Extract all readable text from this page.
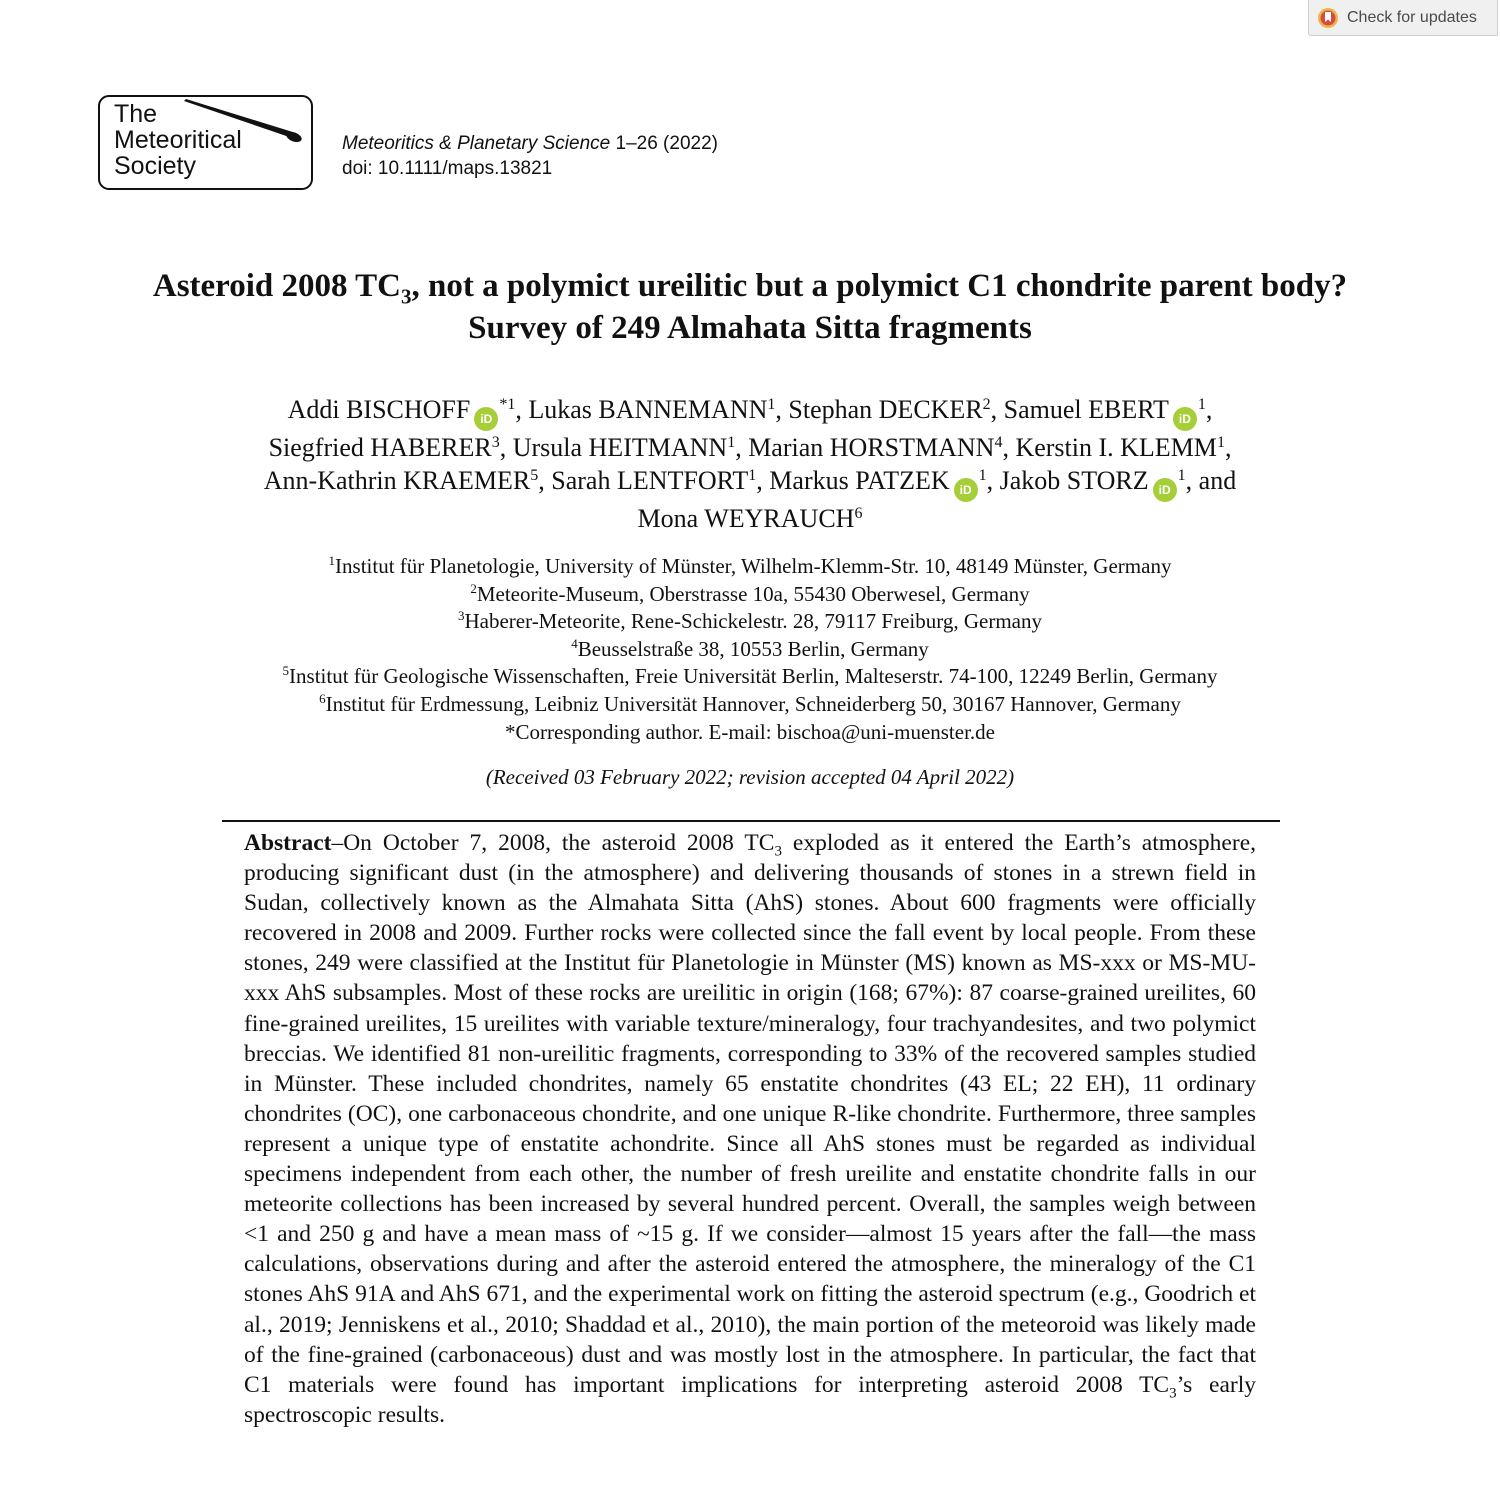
Check for updates
The
Meteoritical
Society
Meteoritics & Planetary Science 1–26 (2022)
doi: 10.1111/maps.13821
Asteroid 2008 $TC_3$, not a polymict ureilitic but a polymict C1 chondrite parent body?
Survey of 249 Almahata Sitta fragments
Addi BISCHOFF $iD^{*1}$, Lukas BANNEMANN$^1$, Stephan DECKER$^2$, Samuel EBERT $iD^1$,
Siegfried HABERER$^3$, Ursula HEITMANN$^1$, Marian HORSTMANN$^4$, Kerstin I. KLEMM$^1$,
Ann-Kathrin KRAEMER$^5$, Sarah LENTFORT$^1$, Markus PATZEK $iD^1$, Jakob STORZ $iD^1$, and
Mona WEYRAUCH$^6$
$^1$Institut für Planetologie, University of Münster, Wilhelm-Klemm-Str. 10, 48149 Münster, Germany
$^2$Meteorite-Museum, Oberstrasse 10a, 55430 Oberwesel, Germany
$^3$Haberer-Meteorite, Rene-Schickelestr. 28, 79117 Freiburg, Germany
$^4$Beusselstraße 38, 10553 Berlin, Germany
$^5$Institut für Geologische Wissenschaften, Freie Universität Berlin, Malteserstr. 74-100, 12249 Berlin, Germany
$^6$Institut für Erdmessung, Leibniz Universität Hannover, Schneiderberg 50, 30167 Hannover, Germany
*Corresponding author. E-mail: bischoa@uni-muenster.de
(Received 03 February 2022; revision accepted 04 April 2022)

Abstract–On October 7, 2008, the asteroid 2008 $TC_3$ exploded as it entered the Earth’s atmosphere, producing significant dust (in the atmosphere) and delivering thousands of stones in a strewn field in Sudan, collectively known as the Almahata Sitta (AhS) stones. About 600 fragments were officially recovered in 2008 and 2009. Further rocks were collected since the fall event by local people. From these stones, 249 were classified at the Institut für Planetologie in Münster (MS) known as MS-xxx or MS-MU-xxx AhS subsamples. Most of these rocks are ureilitic in origin (168; 67%): 87 coarse-grained ureilites, 60 fine-grained ureilites, 15 ureilites with variable texture/mineralogy, four trachyandesites, and two polymict breccias. We identified 81 non-ureilitic fragments, corresponding to 33% of the recovered samples studied in Münster. These included chondrites, namely 65 enstatite chondrites (43 EL; 22 EH), 11 ordinary chondrites (OC), one carbonaceous chondrite, and one unique R-like chondrite. Furthermore, three samples represent a unique type of enstatite achondrite. Since all AhS stones must be regarded as individual specimens independent from each other, the number of fresh ureilite and enstatite chondrite falls in our meteorite collections has been increased by several hundred percent. Overall, the samples weigh between <1 and 250 g and have a mean mass of ~15 g. If we consider—almost 15 years after the fall—the mass calculations, observations during and after the asteroid entered the atmosphere, the mineralogy of the C1 stones AhS 91A and AhS 671, and the experimental work on fitting the asteroid spectrum (e.g., Goodrich et al., 2019; Jenniskens et al., 2010; Shaddad et al., 2010), the main portion of the meteoroid was likely made of the fine-grained (carbonaceous) dust and was mostly lost in the atmosphere. In particular, the fact that C1 materials were found has important implications for interpreting asteroid 2008 $TC_3’s$ early spectroscopic results.
